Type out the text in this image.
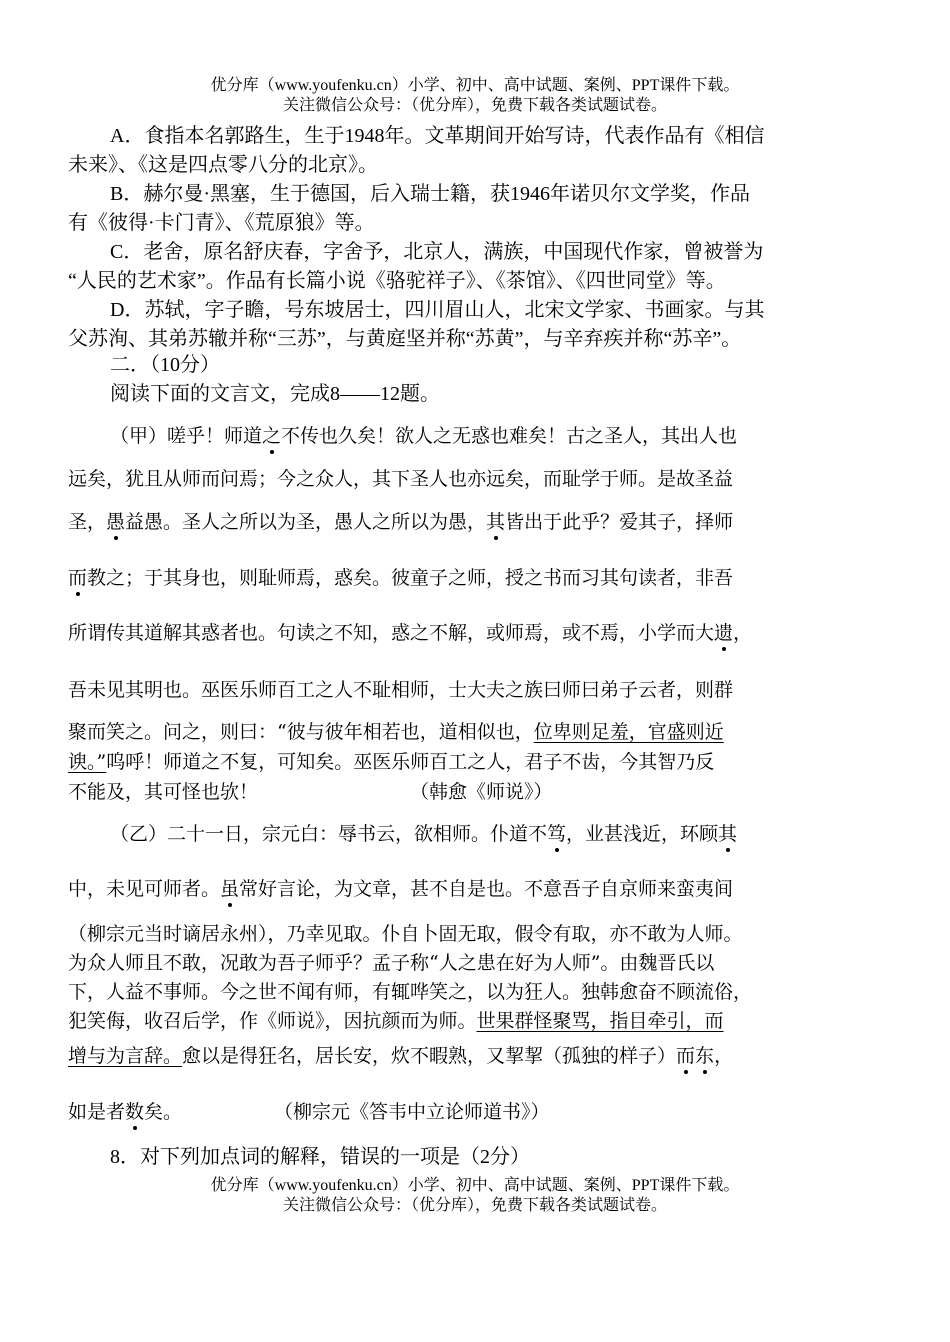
优分库（www.youfenku.cn）小学、初中、高中试题、案例、PPT课件下载。
关注微信公众号：（优分库），免费下载各类试题试卷。
A．食指本名郭路生，生于1948年。文革期间开始写诗，代表作品有《相信
未来》、《这是四点零八分的北京》。
B．赫尔曼·黑塞，生于德国，后入瑞士籍，获1946年诺贝尔文学奖，作品
有《彼得·卡门青》、《荒原狼》等。
C．老舍，原名舒庆春，字舍予，北京人，满族，中国现代作家，曾被誉为
“人民的艺术家”。作品有长篇小说《骆驼祥子》、《茶馆》、《四世同堂》等。
D．苏轼，字子瞻，号东坡居士，四川眉山人，北宋文学家、书画家。与其
父苏洵、其弟苏辙并称“三苏”，与黄庭坚并称“苏黄”，与辛弃疾并称“苏辛”。
二．（10分）
阅读下面的文言文，完成8——12题。
（甲）嗟乎！师道之不传也久矣！欲人之无惑也难矣！古之圣人，其出人也
远矣，犹且从师而问焉；今之众人，其下圣人也亦远矣，而耻学于师。是故圣益
圣，愚益愚。圣人之所以为圣，愚人之所以为愚，其皆出于此乎？爱其子，择师
而教之；于其身也，则耻师焉，惑矣。彼童子之师，授之书而习其句读者，非吾
所谓传其道解其惑者也。句读之不知，惑之不解，或师焉，或不焉，小学而大遗，
吾未见其明也。巫医乐师百工之人不耻相师，士大夫之族曰师曰弟子云者，则群
聚而笑之。问之，则曰：“彼与彼年相若也，道相似也，位卑则足羞，官盛则近
谀。”呜呼！师道之不复，可知矣。巫医乐师百工之人，君子不齿，今其智乃反
不能及，其可怪也欤！	（韩愈《师说》）
（乙）二十一日，宗元白：辱书云，欲相师。仆道不笃，业甚浅近，环顾其
中，未见可师者。虽常好言论，为文章，甚不自是也。不意吾子自京师来蛮夷间
（柳宗元当时谪居永州），乃幸见取。仆自卜固无取，假令有取，亦不敢为人师。
为众人师且不敢，况敢为吾子师乎？孟子称“人之患在好为人师”。由魏晋氏以
下，人益不事师。今之世不闻有师，有辄哗笑之，以为狂人。独韩愈奋不顾流俗，
犯笑侮，收召后学，作《师说》，因抗颜而为师。世果群怪聚骂，指目牵引，而
增与为言辞。愈以是得狂名，居长安，炊不暇熟，又挈挈（孤独的样子）而东，
如是者数矣。	（柳宗元《答韦中立论师道书》）
8．对下列加点词的解释，错误的一项是（2分）
优分库（www.youfenku.cn）小学、初中、高中试题、案例、PPT课件下载。
关注微信公众号：（优分库），免费下载各类试题试卷。
